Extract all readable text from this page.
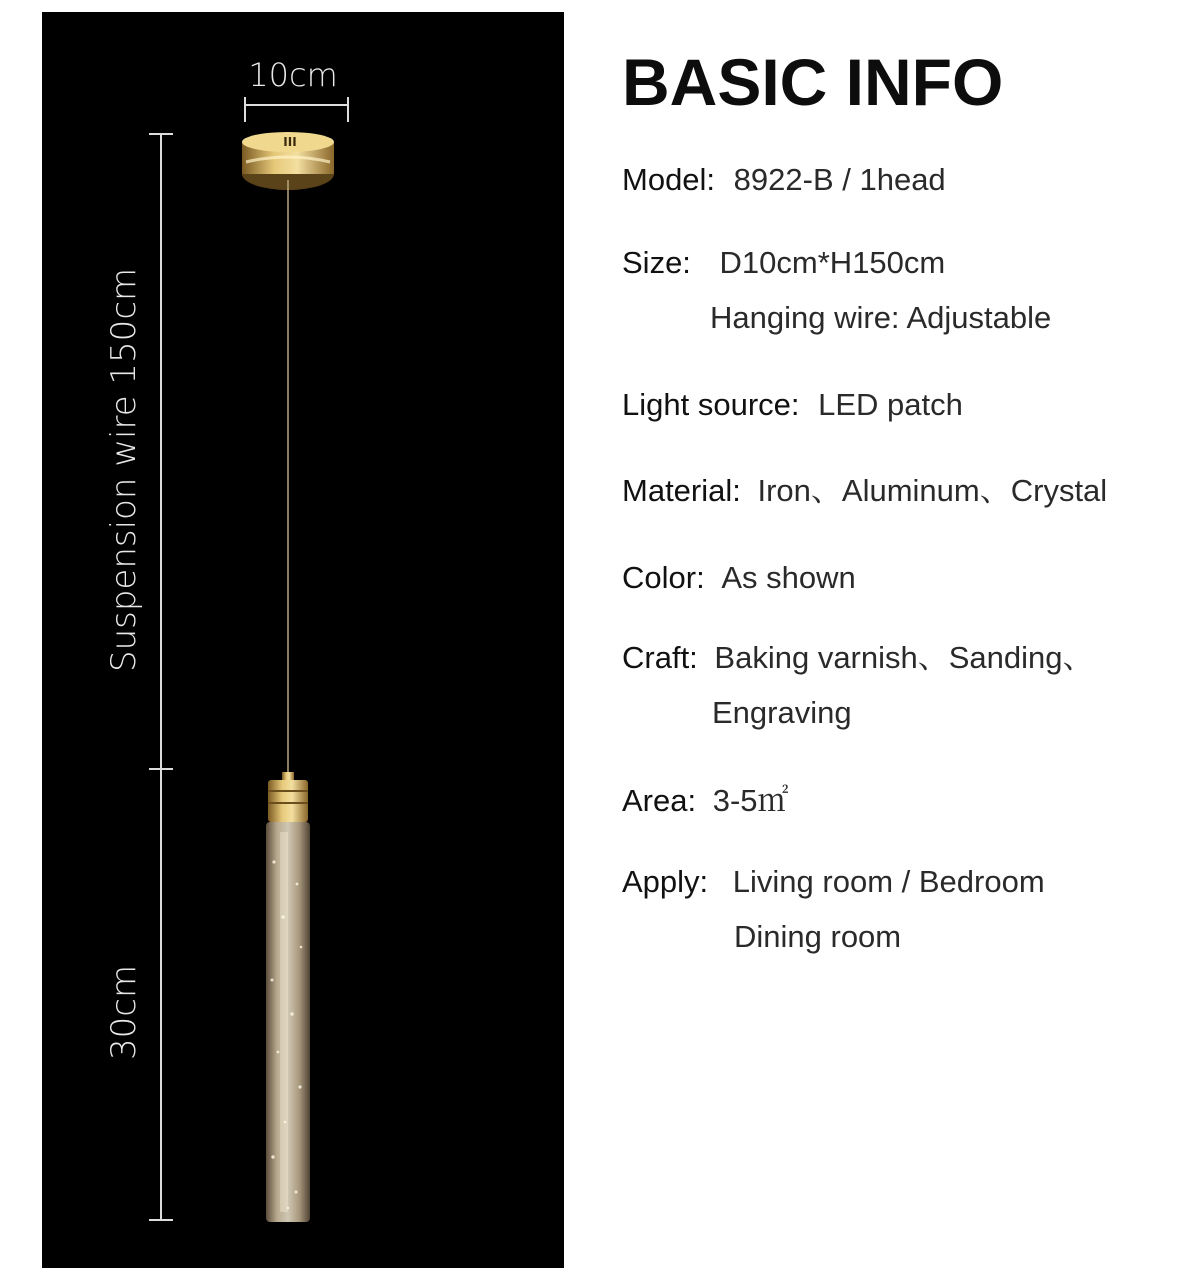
III
10cm
Suspension wire 150cm
30cm
BASIC INFO
Model: 8922-B / 1head
Size: D10cm*H150cm
Hanging wire: Adjustable
Light source: LED patch
Material: Iron、Aluminum、Crystal
Color: As shown
Craft: Baking varnish、Sanding、
Engraving
Area: 3-5㎡
Apply: Living room / Bedroom
Dining room
